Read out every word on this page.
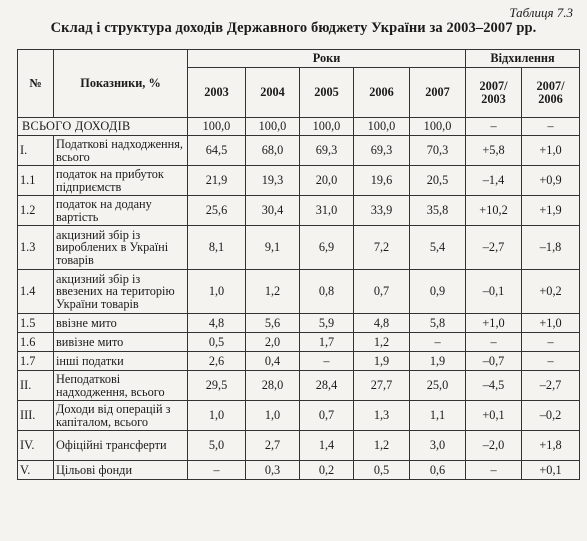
Таблиця 7.3
Склад і структура доходів Державного бюджету України за 2003–2007 рр.
№	Показники, %	Роки					Відхилення	
		2003	2004	2005	2006	2007	2007/ 2003	2007/ 2006
ВСЬОГО ДОХОДІВ		100,0	100,0	100,0	100,0	100,0	–	–
I.	Податкові надходження, всього	64,5	68,0	69,3	69,3	70,3	+5,8	+1,0
1.1	податок на прибуток підприємств	21,9	19,3	20,0	19,6	20,5	–1,4	+0,9
1.2	податок на додану вартість	25,6	30,4	31,0	33,9	35,8	+10,2	+1,9
1.3	акцизний збір із вироблених в Україні товарів	8,1	9,1	6,9	7,2	5,4	–2,7	–1,8
1.4	акцизний збір із ввезених на територію України товарів	1,0	1,2	0,8	0,7	0,9	–0,1	+0,2
1.5	ввізне мито	4,8	5,6	5,9	4,8	5,8	+1,0	+1,0
1.6	вивізне мито	0,5	2,0	1,7	1,2	–	–	–
1.7	інші податки	2,6	0,4	–	1,9	1,9	–0,7	–
II.	Неподаткові надходження, всього	29,5	28,0	28,4	27,7	25,0	–4,5	–2,7
III.	Доходи від операцій з капіталом, всього	1,0	1,0	0,7	1,3	1,1	+0,1	–0,2
IV.	Офіційні трансферти	5,0	2,7	1,4	1,2	3,0	–2,0	+1,8
V.	Цільові фонди	–	0,3	0,2	0,5	0,6	–	+0,1
